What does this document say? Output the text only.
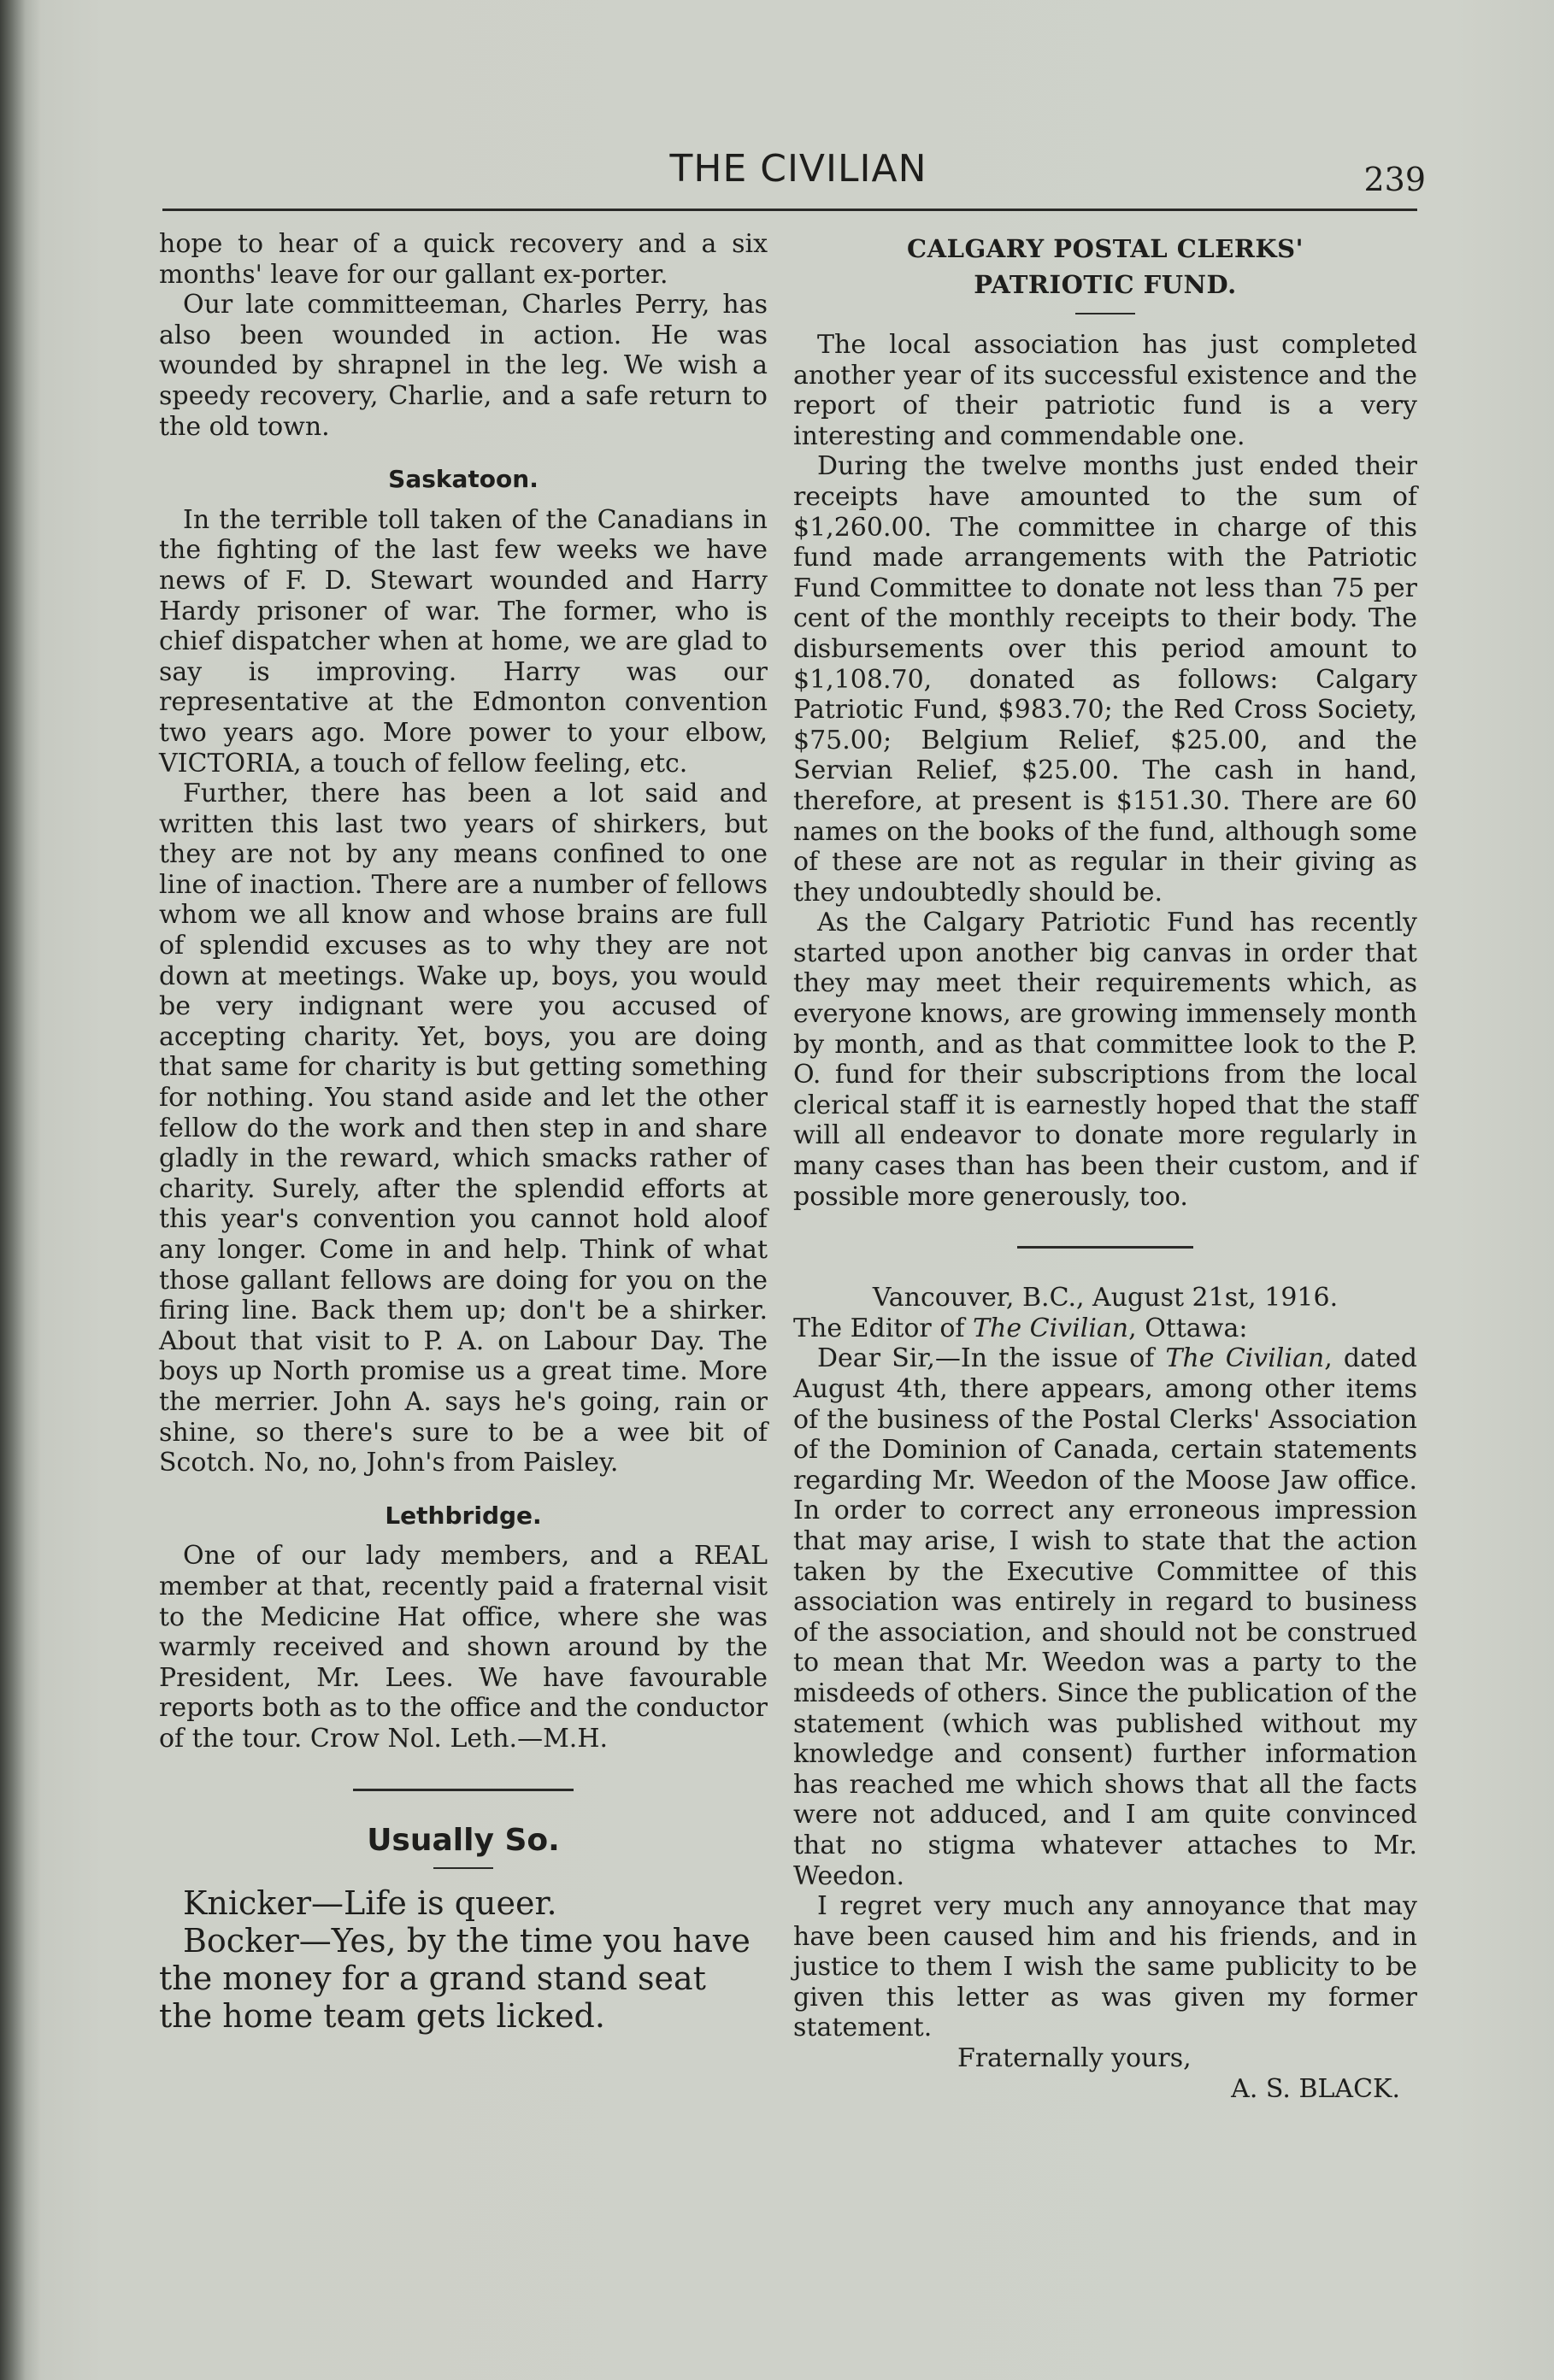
THE CIVILIAN	239

hope to hear of a quick recovery and a six months' leave for our gallant ex-porter.

Our late committeeman, Charles Perry, has also been wounded in action. He was wounded by shrapnel in the leg. We wish a speedy recovery, Charlie, and a safe return to the old town.

Saskatoon.

In the terrible toll taken of the Canadians in the fighting of the last few weeks we have news of F. D. Stewart wounded and Harry Hardy prisoner of war. The former, who is chief dispatcher when at home, we are glad to say is improving. Harry was our representative at the Edmonton convention two years ago. More power to your elbow, VICTORIA, a touch of fellow feeling, etc.

Further, there has been a lot said and written this last two years of shirkers, but they are not by any means confined to one line of inaction. There are a number of fellows whom we all know and whose brains are full of splendid excuses as to why they are not down at meetings. Wake up, boys, you would be very indignant were you accused of accepting charity. Yet, boys, you are doing that same for charity is but getting something for nothing. You stand aside and let the other fellow do the work and then step in and share gladly in the reward, which smacks rather of charity. Surely, after the splendid efforts at this year's convention you cannot hold aloof any longer. Come in and help. Think of what those gallant fellows are doing for you on the firing line. Back them up; don't be a shirker. About that visit to P. A. on Labour Day. The boys up North promise us a great time. More the merrier. John A. says he's going, rain or shine, so there's sure to be a wee bit of Scotch. No, no, John's from Paisley.

Lethbridge.

One of our lady members, and a REAL member at that, recently paid a fraternal visit to the Medicine Hat office, where she was warmly received and shown around by the President, Mr. Lees. We have favourable reports both as to the office and the conductor of the tour. Crow Nol. Leth.—M.H.

Usually So.

Knicker—Life is queer.

Bocker—Yes, by the time you have the money for a grand stand seat the home team gets licked.

CALGARY POSTAL CLERKS'
PATRIOTIC FUND.

The local association has just completed another year of its successful existence and the report of their patriotic fund is a very interesting and commendable one.

During the twelve months just ended their receipts have amounted to the sum of $1,260.00. The committee in charge of this fund made arrangements with the Patriotic Fund Committee to donate not less than 75 per cent of the monthly receipts to their body. The disbursements over this period amount to $1,108.70, donated as follows: Calgary Patriotic Fund, $983.70; the Red Cross Society, $75.00; Belgium Relief, $25.00, and the Servian Relief, $25.00. The cash in hand, therefore, at present is $151.30. There are 60 names on the books of the fund, although some of these are not as regular in their giving as they undoubtedly should be.

As the Calgary Patriotic Fund has recently started upon another big canvas in order that they may meet their requirements which, as everyone knows, are growing immensely month by month, and as that committee look to the P. O. fund for their subscriptions from the local clerical staff it is earnestly hoped that the staff will all endeavor to donate more regularly in many cases than has been their custom, and if possible more generously, too.

Vancouver, B.C., August 21st, 1916.

The Editor of The Civilian, Ottawa:

Dear Sir,—In the issue of The Civilian, dated August 4th, there appears, among other items of the business of the Postal Clerks' Association of the Dominion of Canada, certain statements regarding Mr. Weedon of the Moose Jaw office. In order to correct any erroneous impression that may arise, I wish to state that the action taken by the Executive Committee of this association was entirely in regard to business of the association, and should not be construed to mean that Mr. Weedon was a party to the misdeeds of others. Since the publication of the statement (which was published without my knowledge and consent) further information has reached me which shows that all the facts were not adduced, and I am quite convinced that no stigma whatever attaches to Mr. Weedon.

I regret very much any annoyance that may have been caused him and his friends, and in justice to them I wish the same publicity to be given this letter as was given my former statement.

Fraternally yours,

A. S. BLACK.
